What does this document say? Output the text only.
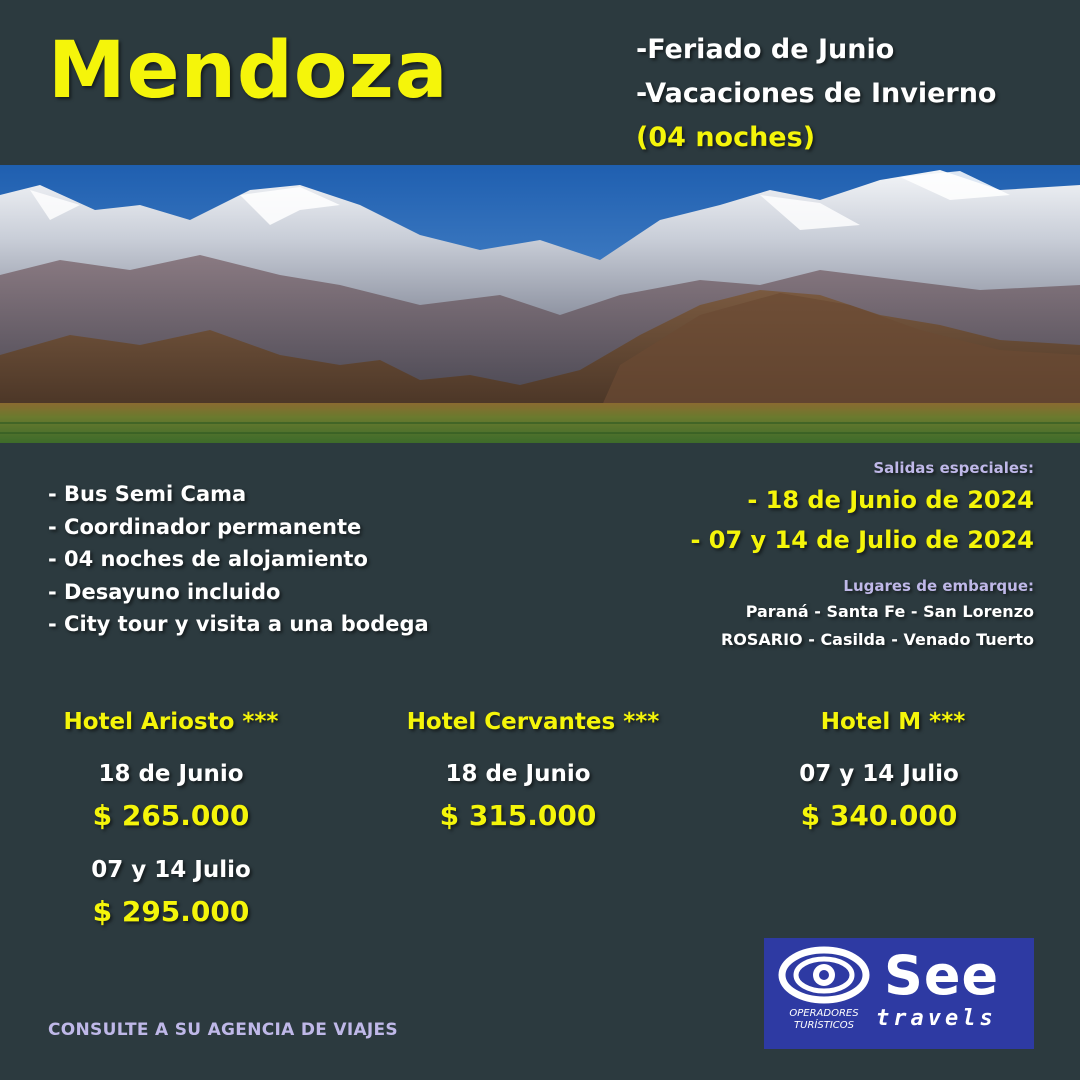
Mendoza	-Feriado de Junio
-Vacaciones de Invierno
(04 noches)
- Bus Semi Cama
- Coordinador permanente
- 04 noches de alojamiento
- Desayuno incluido
- City tour y visita a una bodega
Salidas especiales:
- 18 de Junio de 2024
- 07 y 14 de Julio de 2024
Lugares de embarque:
Paraná - Santa Fe - San Lorenzo
ROSARIO - Casilda - Venado Tuerto
Hotel Ariosto ***
18 de Junio
$ 265.000
07 y 14 Julio
$ 295.000
Hotel Cervantes ***
18 de Junio
$ 315.000
Hotel M ***
07 y 14 Julio
$ 340.000
CONSULTE A SU AGENCIA DE VIAJES
See
travels
OPERADORES
TURÍSTICOS
